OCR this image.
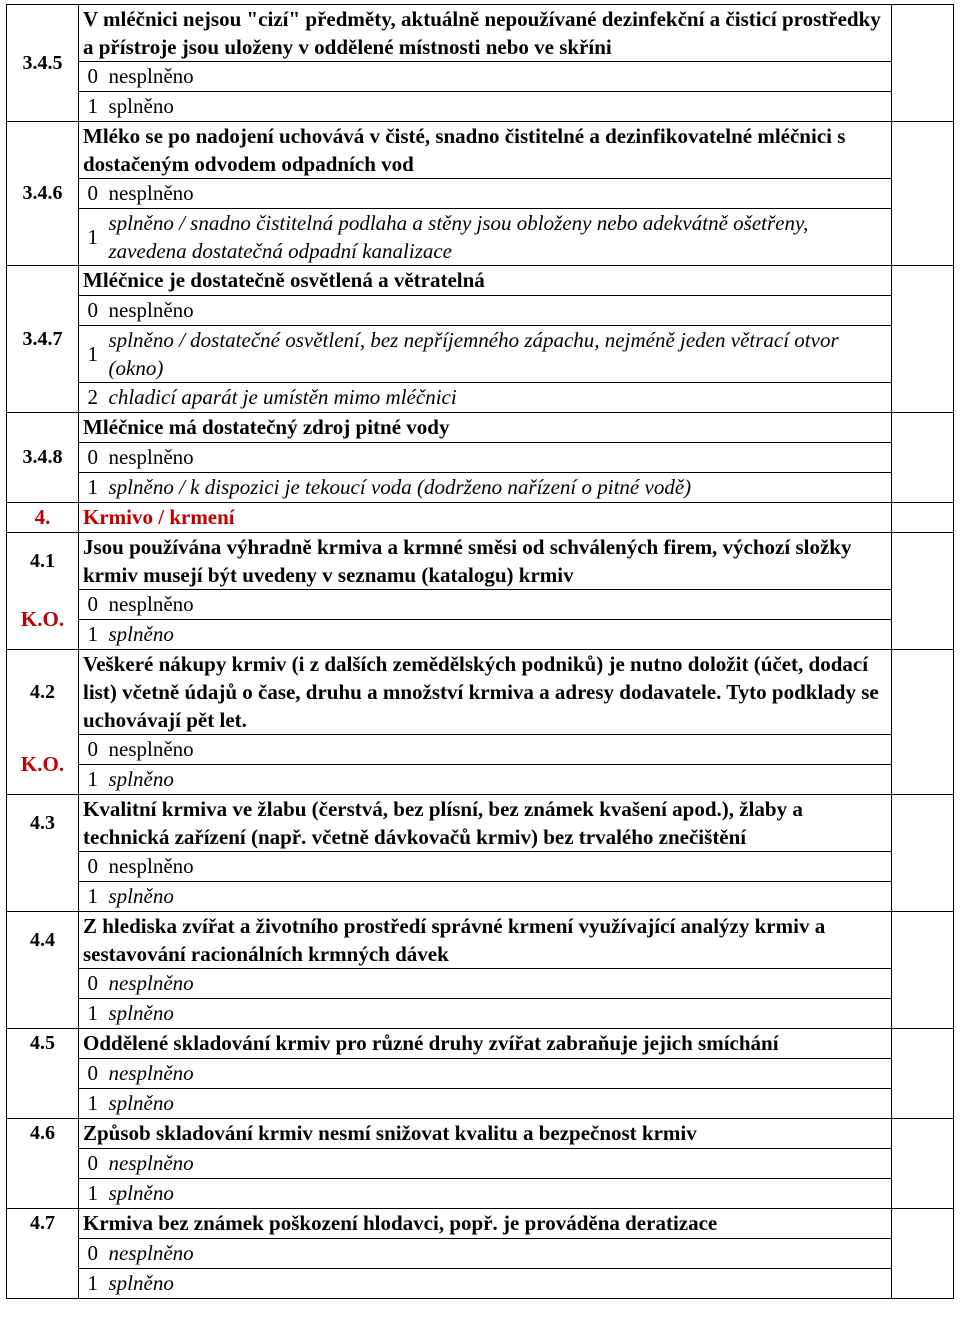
3.4.5	V mléčnici nejsou "cizí" předměty, aktuálně nepoužívané dezinfekční a čisticí prostředky a přístroje jsou uloženy v oddělené místnosti nebo ve skříni		
	0	nesplněno	
	1	splněno	
3.4.6	Mléko se po nadojení uchovává v čisté, snadno čistitelné a dezinfikovatelné mléčnici s dostačeným odvodem odpadních vod		
	0	nesplněno	
	1	splněno / snadno čistitelná podlaha a stěny jsou obloženy nebo adekvátně ošetřeny, zavedena dostatečná odpadní kanalizace	
3.4.7	Mléčnice je dostatečně osvětlená a větratelná		
	0	nesplněno	
	1	splněno / dostatečné osvětlení, bez nepříjemného zápachu, nejméně jeden větrací otvor (okno)	
	2	chladicí aparát je umístěn mimo mléčnici	
3.4.8	Mléčnice má dostatečný zdroj pitné vody		
	0	nesplněno	
	1	splněno / k dispozici je tekoucí voda (dodrženo nařízení o pitné vodě)	
4.	Krmivo / krmení		
4.1	Jsou používána výhradně krmiva a krmné směsi od schválených firem, výchozí složky krmiv musejí být uvedeny v seznamu (katalogu) krmiv		
K.O.	0	nesplněno	
	1	splněno	
4.2	Veškeré nákupy krmiv (i z dalších zemědělských podniků) je nutno doložit (účet, dodací list) včetně údajů o čase, druhu a množství krmiva a adresy dodavatele. Tyto podklady se uchovávají pět let.		
K.O.	0	nesplněno	
	1	splněno	
4.3	Kvalitní krmiva ve žlabu (čerstvá, bez plísní, bez známek kvašení apod.), žlaby a technická zařízení (např. včetně dávkovačů krmiv) bez trvalého znečištění		
	0	nesplněno	
	1	splněno	
4.4	Z hlediska zvířat a životního prostředí správné krmení využívající analýzy krmiv a sestavování racionálních krmných dávek		
	0	nesplněno	
	1	splněno	
4.5	Oddělené skladování krmiv pro různé druhy zvířat zabraňuje jejich smíchání		
	0	nesplněno	
	1	splněno	
4.6	Způsob skladování krmiv nesmí snižovat kvalitu a bezpečnost krmiv		
	0	nesplněno	
	1	splněno	
4.7	Krmiva bez známek poškození hlodavci, popř. je prováděna deratizace		
	0	nesplněno	
	1	splněno	
